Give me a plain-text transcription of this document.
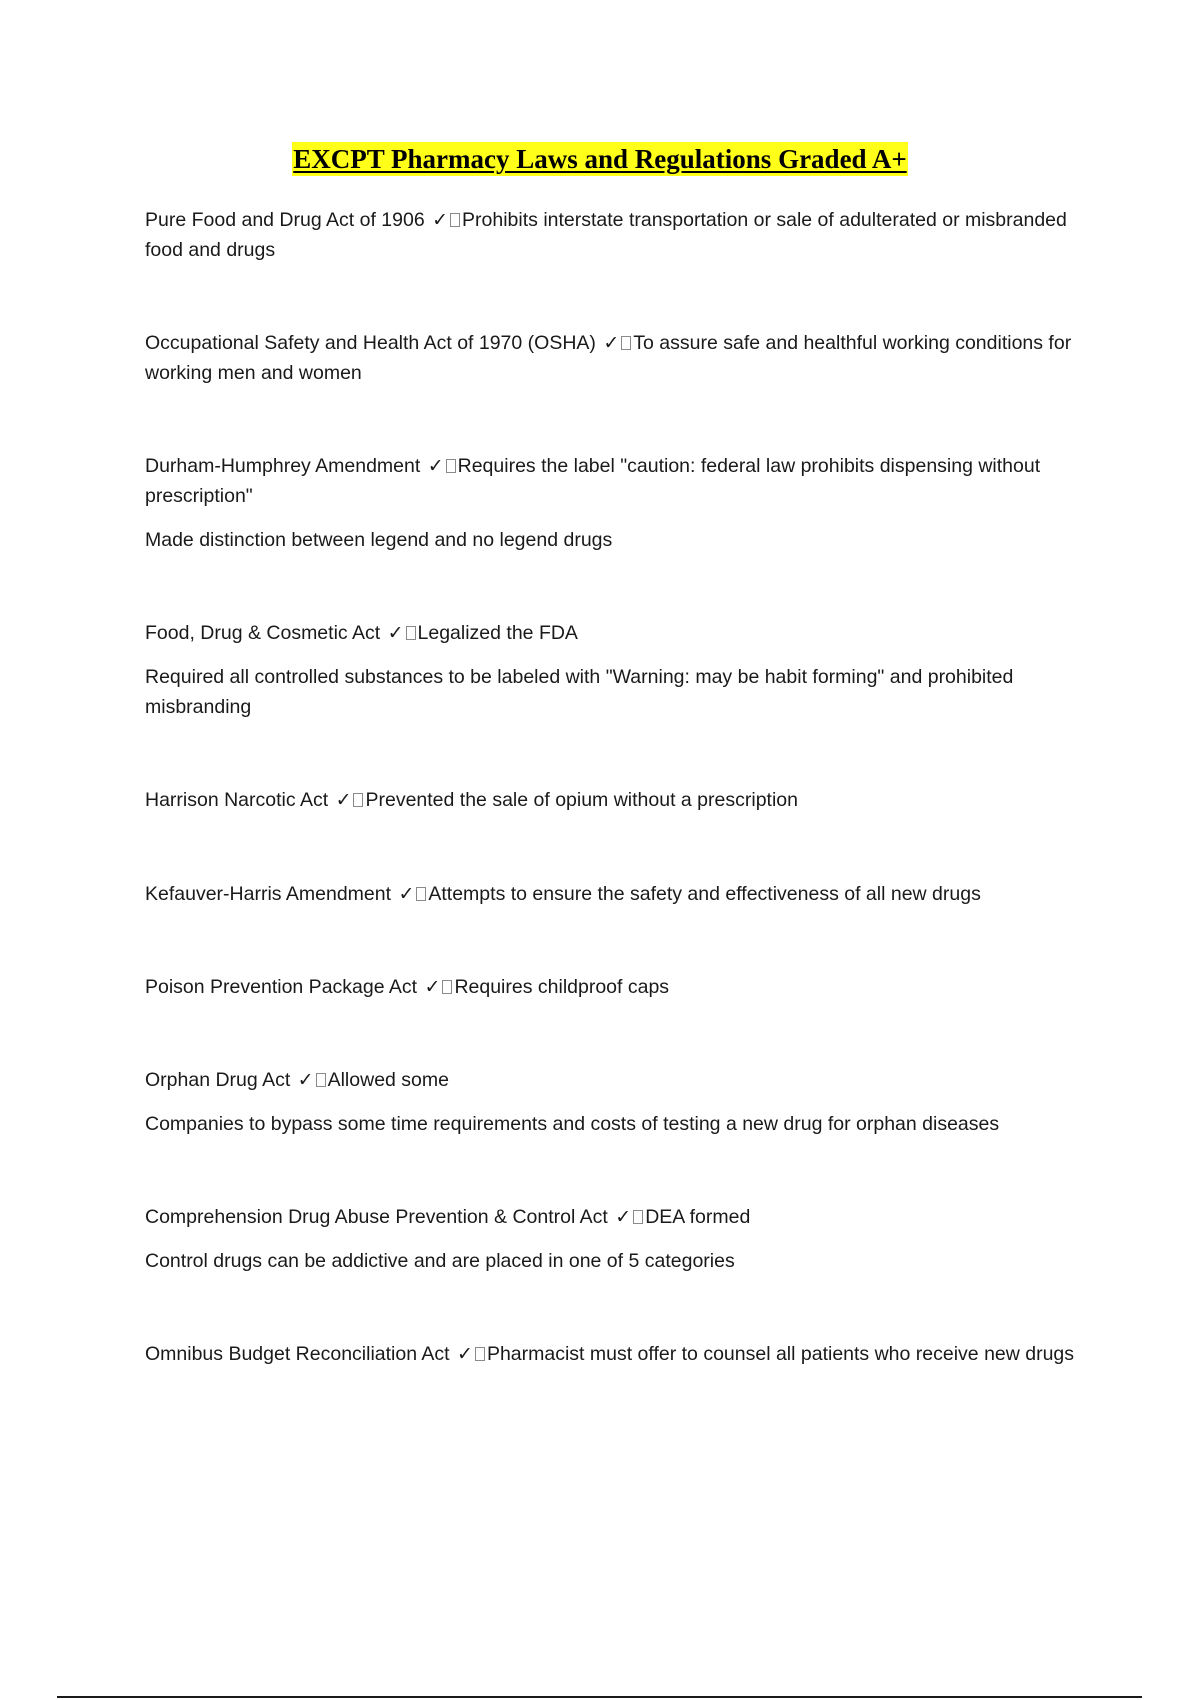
EXCPT Pharmacy Laws and Regulations Graded A+

Pure Food and Drug Act of 1906 ✓ Prohibits interstate transportation or sale of adulterated or misbranded food and drugs

Occupational Safety and Health Act of 1970 (OSHA) ✓ To assure safe and healthful working conditions for working men and women

Durham-Humphrey Amendment ✓ Requires the label "caution: federal law prohibits dispensing without prescription"

Made distinction between legend and no legend drugs

Food, Drug & Cosmetic Act ✓ Legalized the FDA

Required all controlled substances to be labeled with "Warning: may be habit forming" and prohibited misbranding

Harrison Narcotic Act ✓ Prevented the sale of opium without a prescription

Kefauver-Harris Amendment ✓ Attempts to ensure the safety and effectiveness of all new drugs

Poison Prevention Package Act ✓ Requires childproof caps

Orphan Drug Act ✓ Allowed some

Companies to bypass some time requirements and costs of testing a new drug for orphan diseases

Comprehension Drug Abuse Prevention & Control Act ✓ DEA formed

Control drugs can be addictive and are placed in one of 5 categories

Omnibus Budget Reconciliation Act ✓ Pharmacist must offer to counsel all patients who receive new drugs
